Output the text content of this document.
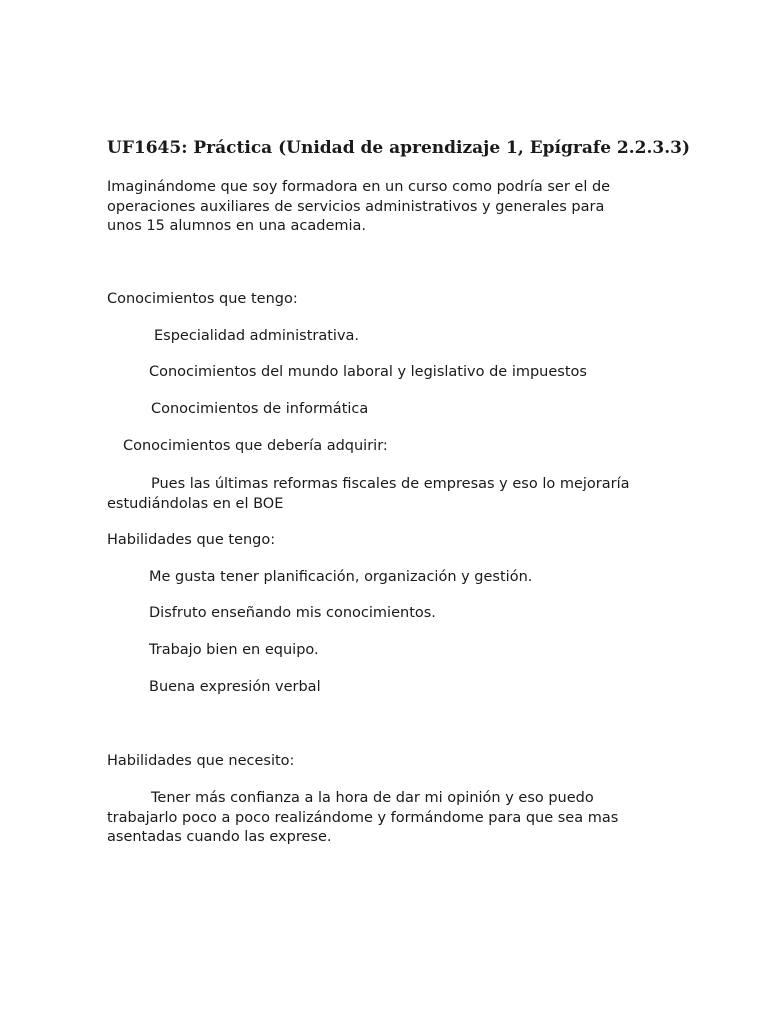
UF1645: Práctica (Unidad de aprendizaje 1, Epígrafe 2.2.3.3)

Imaginándome que soy formadora en un curso como podría ser el de
operaciones auxiliares de servicios administrativos y generales para
unos 15 alumnos en una academia.

Conocimientos que tengo:

Especialidad administrativa.

Conocimientos del mundo laboral y legislativo de impuestos

Conocimientos de informática

Conocimientos que debería adquirir:

Pues las últimas reformas fiscales de empresas y eso lo mejoraría
estudiándolas en el BOE

Habilidades que tengo:

Me gusta tener planificación, organización y gestión.

Disfruto enseñando mis conocimientos.

Trabajo bien en equipo.

Buena expresión verbal

Habilidades que necesito:

Tener más confianza a la hora de dar mi opinión y eso puedo
trabajarlo poco a poco realizándome y formándome para que sea mas
asentadas cuando las exprese.
